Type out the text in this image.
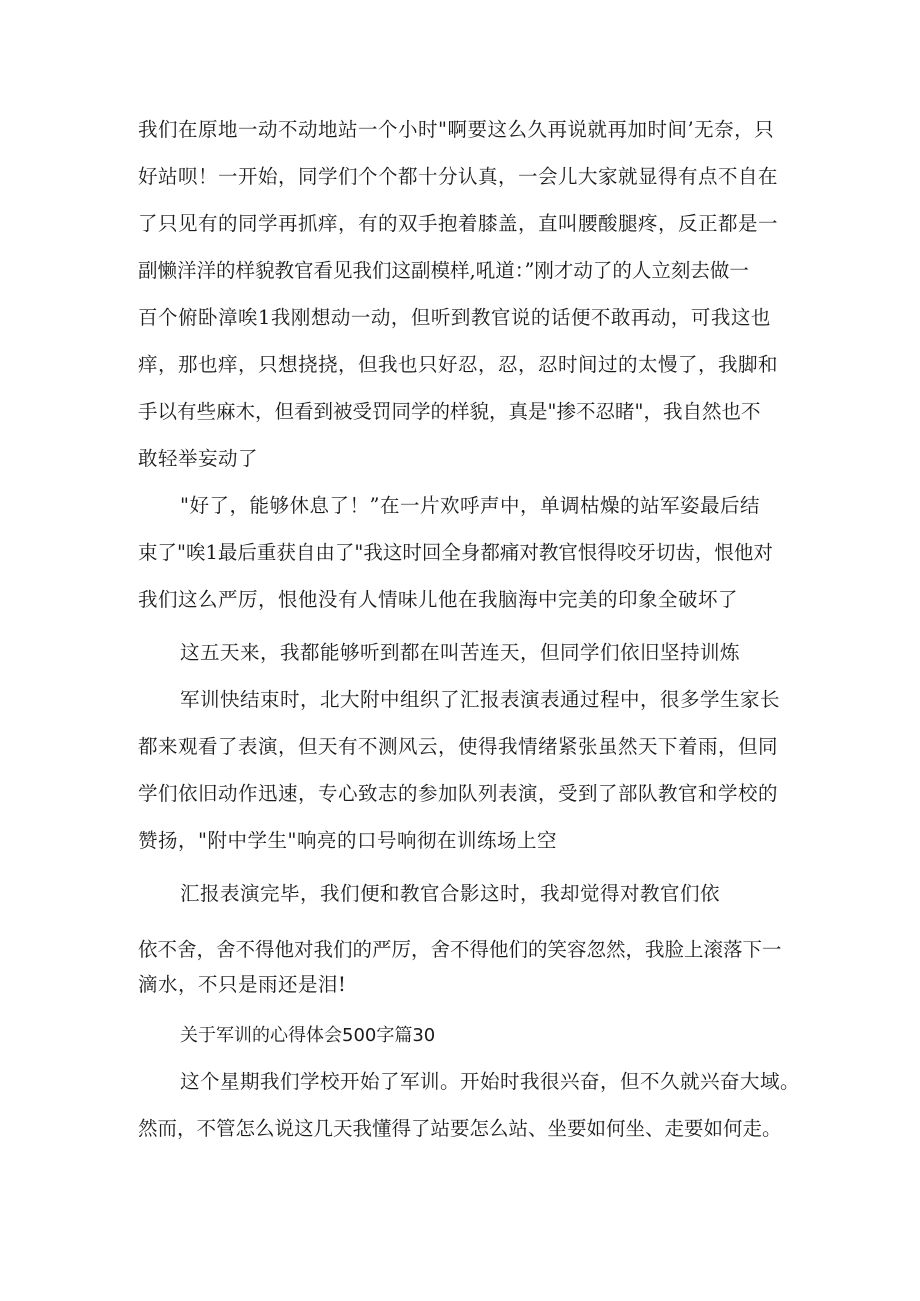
我们在原地一动不动地站一个小时"啊要这么久再说就再加时间’无奈，只
好站呗！一开始，同学们个个都十分认真，一会儿大家就显得有点不自在
了只见有的同学再抓痒，有的双手抱着膝盖，直叫腰酸腿疼，反正都是一
副懒洋洋的样貌教官看见我们这副模样,吼道：”刚才动了的人立刻去做一
百个俯卧漳唉1我刚想动一动，但听到教官说的话便不敢再动，可我这也
痒，那也痒，只想挠挠，但我也只好忍，忍，忍时间过的太慢了，我脚和
手以有些麻木，但看到被受罚同学的样貌，真是"掺不忍睹"，我自然也不
敢轻举妄动了
"好了，能够休息了！”在一片欢呼声中，单调枯燥的站军姿最后结
束了"唉1最后重获自由了"我这时回全身都痛对教官恨得咬牙切齿，恨他对
我们这么严厉，恨他没有人情味儿他在我脑海中完美的印象全破坏了
这五天来，我都能够听到都在叫苦连天，但同学们依旧坚持训炼
军训快结束时，北大附中组织了汇报表演表通过程中，很多学生家长
都来观看了表演，但天有不测风云，使得我情绪紧张虽然天下着雨，但同
学们依旧动作迅速，专心致志的参加队列表演，受到了部队教官和学校的
赞扬，"附中学生"响亮的口号响彻在训练场上空
汇报表演完毕，我们便和教官合影这时，我却觉得对教官们依
依不舍，舍不得他对我们的严厉，舍不得他们的笑容忽然，我脸上滚落下一
滴水，不只是雨还是泪!
关于军训的心得体会500字篇30
这个星期我们学校开始了军训。开始时我很兴奋，但不久就兴奋大域。
然而，不管怎么说这几天我懂得了站要怎么站、坐要如何坐、走要如何走。
